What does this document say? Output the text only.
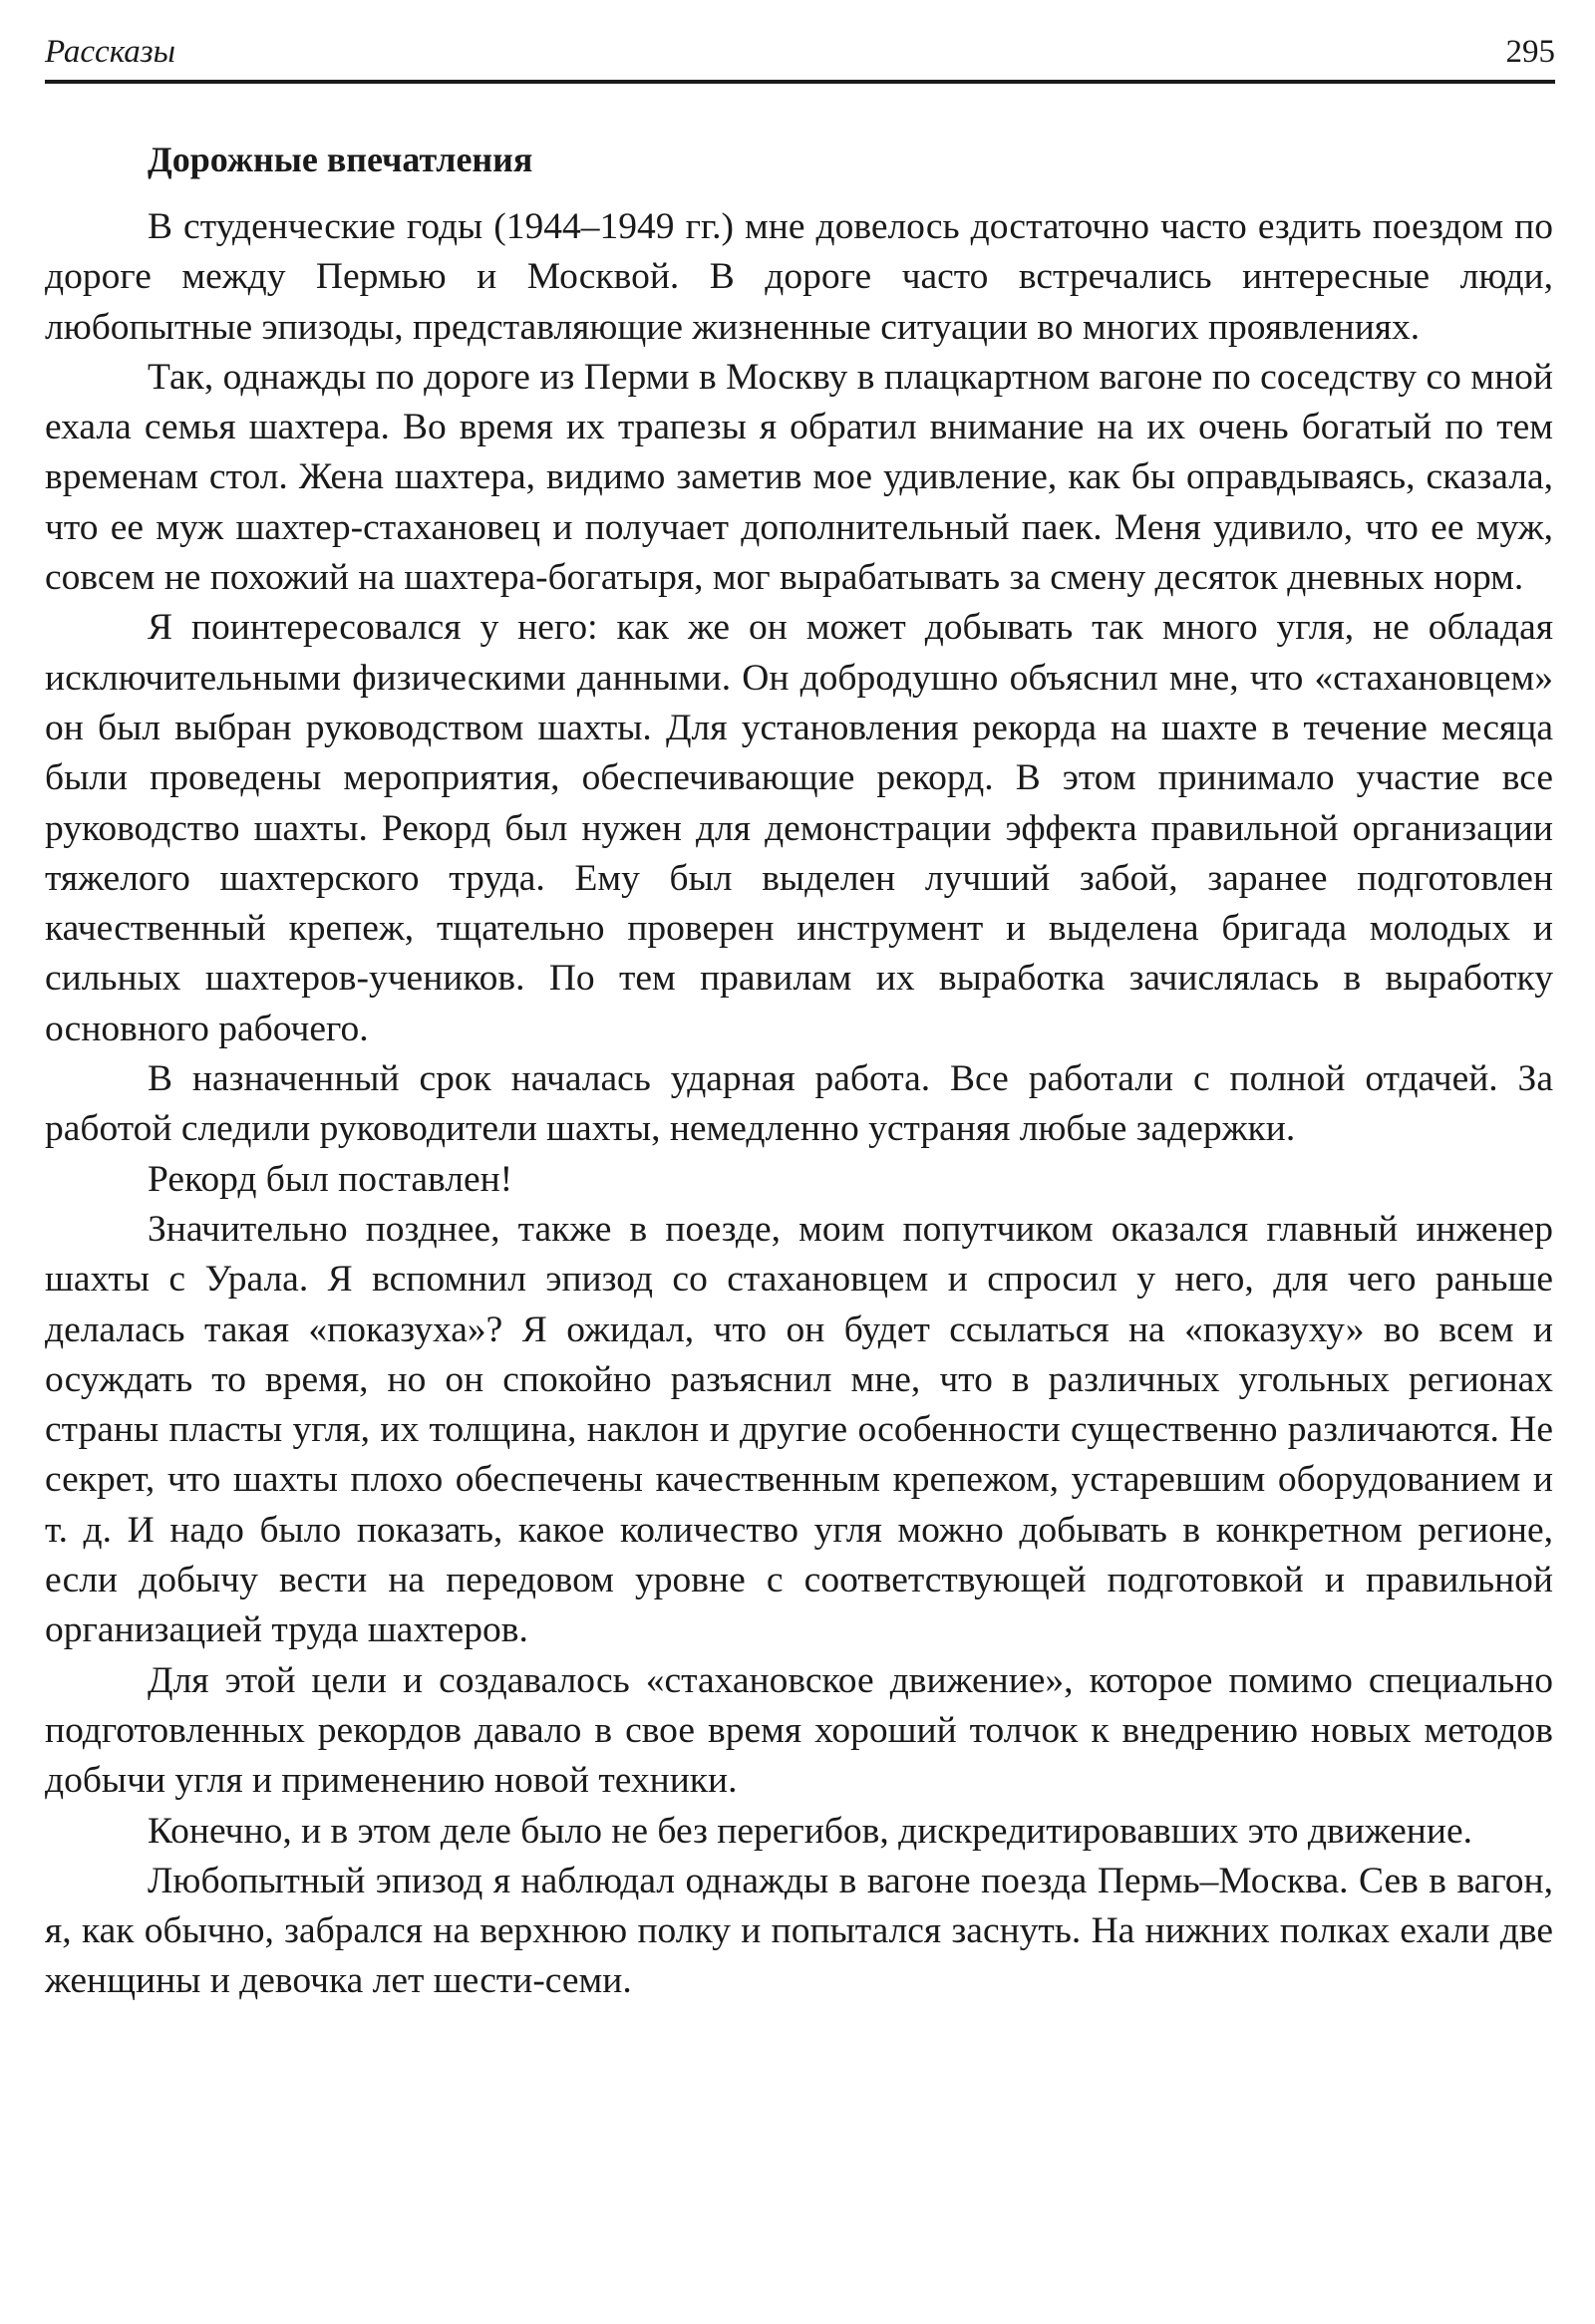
Рассказы	295
Дорожные впечатления

В студенческие годы (1944–1949 гг.) мне довелось достаточно часто ездить поездом по дороге между Пермью и Москвой. В дороге часто встречались интересные люди, любопытные эпизоды, представляющие жизненные ситуации во многих проявлениях.

Так, однажды по дороге из Перми в Москву в плацкартном вагоне по соседству со мной ехала семья шахтера. Во время их трапезы я обратил внимание на их очень богатый по тем временам стол. Жена шахтера, видимо заметив мое удивление, как бы оправдываясь, сказала, что ее муж шахтер-стахановец и получает дополнительный паек. Меня удивило, что ее муж, совсем не похожий на шахтера-богатыря, мог вырабатывать за смену десяток дневных норм.

Я поинтересовался у него: как же он может добывать так много угля, не обладая исключительными физическими данными. Он добродушно объяснил мне, что «стахановцем» он был выбран руководством шахты. Для установления рекорда на шахте в течение месяца были проведены мероприятия, обеспечивающие рекорд. В этом принимало участие все руководство шахты. Рекорд был нужен для демонстрации эффекта правильной организации тяжелого шахтерского труда. Ему был выделен лучший забой, заранее подготовлен качественный крепеж, тщательно проверен инструмент и выделена бригада молодых и сильных шахтеров-учеников. По тем правилам их выработка зачислялась в выработку основного рабочего.

В назначенный срок началась ударная работа. Все работали с полной отдачей. За работой следили руководители шахты, немедленно устраняя любые задержки.

Рекорд был поставлен!

Значительно позднее, также в поезде, моим попутчиком оказался главный инженер шахты с Урала. Я вспомнил эпизод со стахановцем и спросил у него, для чего раньше делалась такая «показуха»? Я ожидал, что он будет ссылаться на «показуху» во всем и осуждать то время, но он спокойно разъяснил мне, что в различных угольных регионах страны пласты угля, их толщина, наклон и другие особенности существенно различаются. Не секрет, что шахты плохо обеспечены качественным крепежом, устаревшим оборудованием и т. д. И надо было показать, какое количество угля можно добывать в конкретном регионе, если добычу вести на передовом уровне с соответствующей подготовкой и правильной организацией труда шахтеров.

Для этой цели и создавалось «стахановское движение», которое помимо специально подготовленных рекордов давало в свое время хороший толчок к внедрению новых методов добычи угля и применению новой техники.

Конечно, и в этом деле было не без перегибов, дискредитировавших это движение.

Любопытный эпизод я наблюдал однажды в вагоне поезда Пермь–Москва. Сев в вагон, я, как обычно, забрался на верхнюю полку и попытался заснуть. На нижних полках ехали две женщины и девочка лет шести-семи.
